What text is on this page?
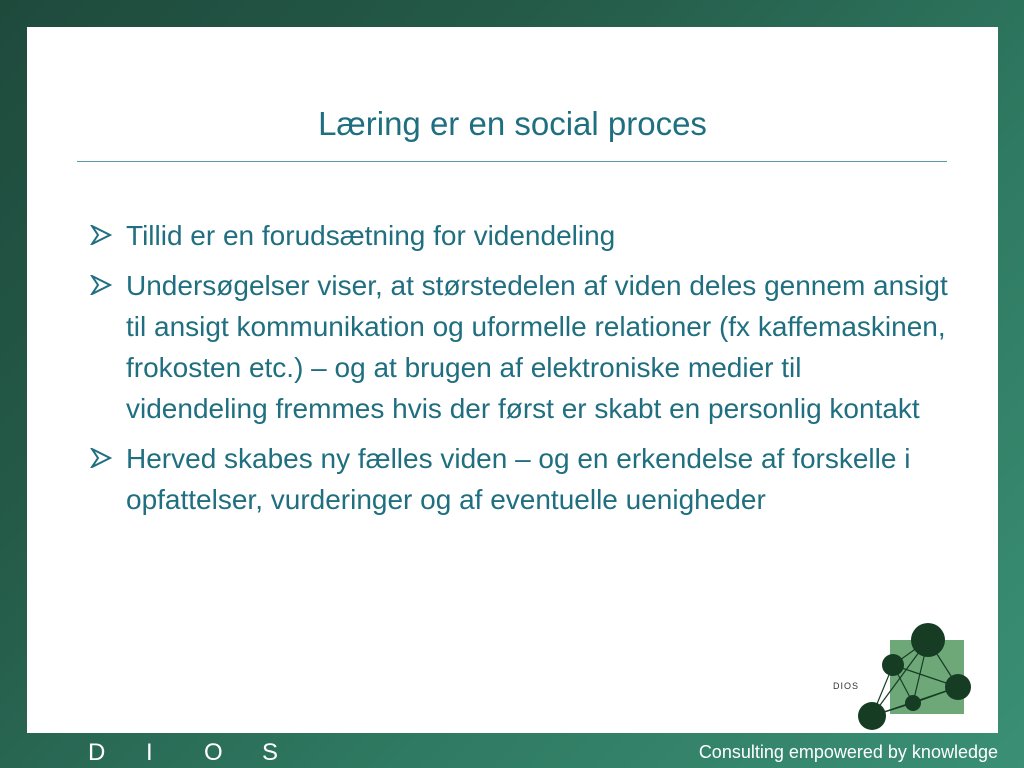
Læring er en social proces
Tillid er en forudsætning for videndeling
Undersøgelser viser, at størstedelen af viden deles gennem ansigt til ansigt kommunikation og uformelle relationer (fx kaffemaskinen, frokosten etc.) – og at brugen af elektroniske medier til videndeling fremmes hvis der først er skabt en personlig kontakt
Herved skabes ny fælles viden – og en erkendelse af forskelle i opfattelser, vurderinger og af eventuelle uenigheder
DIOS
D	I	O	S	Consulting empowered by knowledge
